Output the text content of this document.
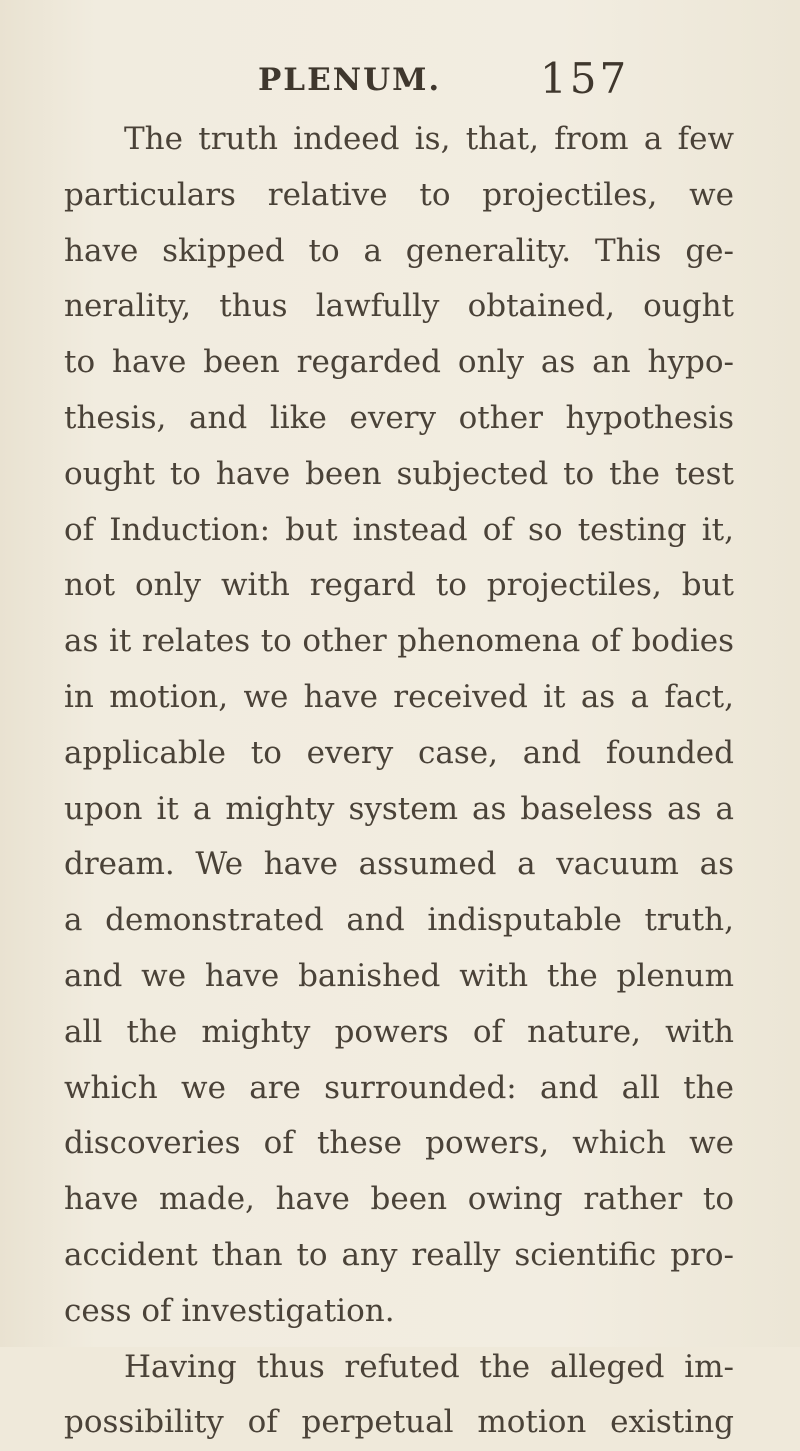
PLENUM. 157
The truth indeed is, that, from a few
particulars relative to projectiles, we
have skipped to a generality. This ge-
nerality, thus lawfully obtained, ought
to have been regarded only as an hypo-
thesis, and like every other hypothesis
ought to have been subjected to the test
of Induction: but instead of so testing it,
not only with regard to projectiles, but
as it relates to other phenomena of bodies
in motion, we have received it as a fact,
applicable to every case, and founded
upon it a mighty system as baseless as a
dream. We have assumed a vacuum as
a demonstrated and indisputable truth,
and we have banished with the plenum
all the mighty powers of nature, with
which we are surrounded: and all the
discoveries of these powers, which we
have made, have been owing rather to
accident than to any really scientific pro-
cess of investigation.
Having thus refuted the alleged im-
possibility of perpetual motion existing
